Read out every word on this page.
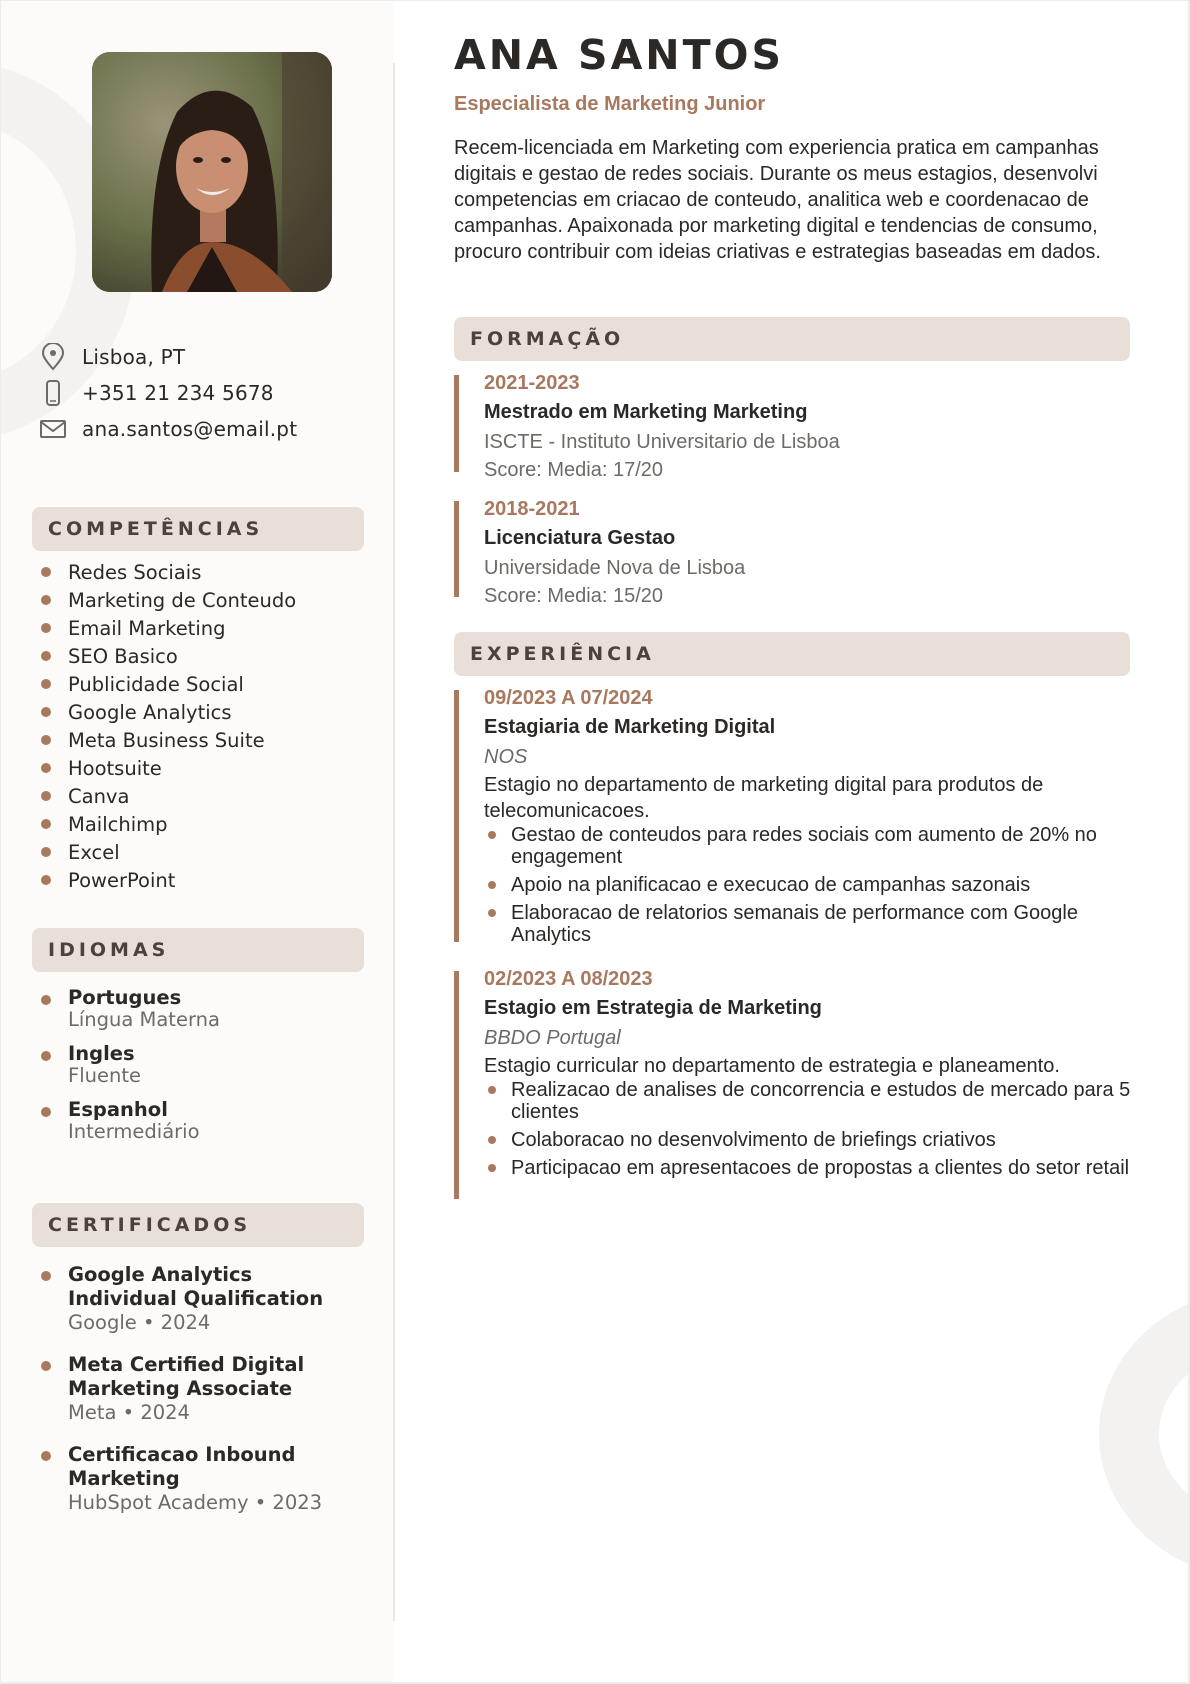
Lisboa, PT
+351 21 234 5678
ana.santos@email.pt
COMPETÊNCIAS
Redes Sociais
Marketing de Conteudo
Email Marketing
SEO Basico
Publicidade Social
Google Analytics
Meta Business Suite
Hootsuite
Canva
Mailchimp
Excel
PowerPoint
IDIOMAS
Portugues
Língua Materna
Ingles
Fluente
Espanhol
Intermediário
CERTIFICADOS
Google Analytics Individual Qualification
Google • 2024
Meta Certified Digital Marketing Associate
Meta • 2024
Certificacao Inbound Marketing
HubSpot Academy • 2023
ANA SANTOS
Especialista de Marketing Junior

Recem-licenciada em Marketing com experiencia pratica em campanhas digitais e gestao de redes sociais. Durante os meus estagios, desenvolvi competencias em criacao de conteudo, analitica web e coordenacao de campanhas. Apaixonada por marketing digital e tendencias de consumo, procuro contribuir com ideias criativas e estrategias baseadas em dados.

FORMAÇÃO
2021-2023
Mestrado em Marketing Marketing
ISCTE - Instituto Universitario de Lisboa
Score: Media: 17/20
2018-2021
Licenciatura Gestao
Universidade Nova de Lisboa
Score: Media: 15/20
EXPERIÊNCIA
09/2023 A 07/2024
Estagiaria de Marketing Digital
NOS
Estagio no departamento de marketing digital para produtos de telecomunicacoes.
Gestao de conteudos para redes sociais com aumento de 20% no engagement
Apoio na planificacao e execucao de campanhas sazonais
Elaboracao de relatorios semanais de performance com Google Analytics
02/2023 A 08/2023
Estagio em Estrategia de Marketing
BBDO Portugal
Estagio curricular no departamento de estrategia e planeamento.
Realizacao de analises de concorrencia e estudos de mercado para 5 clientes
Colaboracao no desenvolvimento de briefings criativos
Participacao em apresentacoes de propostas a clientes do setor retail
